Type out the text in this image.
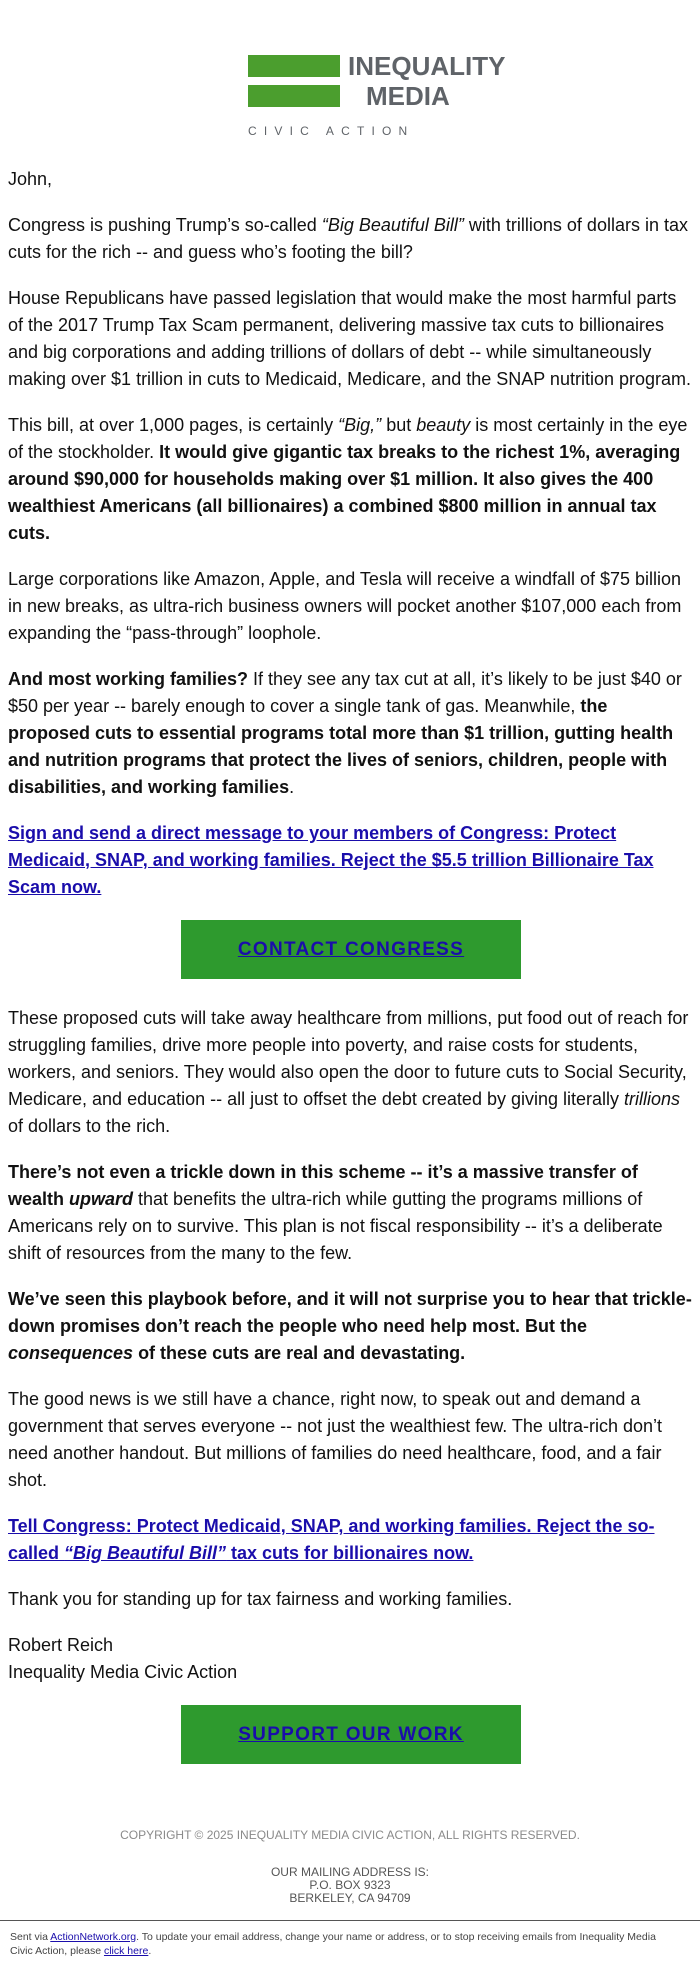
INEQUALITY
MEDIA
CIVIC ACTION

John,

Congress is pushing Trump’s so-called “Big Beautiful Bill” with trillions of dollars in tax cuts for the rich -- and guess who’s footing the bill?

House Republicans have passed legislation that would make the most harmful parts of the 2017 Trump Tax Scam permanent, delivering massive tax cuts to billionaires and big corporations and adding trillions of dollars of debt -- while simultaneously making over $1 trillion in cuts to Medicaid, Medicare, and the SNAP nutrition program.

This bill, at over 1,000 pages, is certainly “Big,” but beauty is most certainly in the eye of the stockholder. It would give gigantic tax breaks to the richest 1%, averaging around $90,000 for households making over $1 million. It also gives the 400 wealthiest Americans (all billionaires) a combined $800 million in annual tax cuts.

Large corporations like Amazon, Apple, and Tesla will receive a windfall of $75 billion in new breaks, as ultra-rich business owners will pocket another $107,000 each from expanding the “pass-through” loophole.

And most working families? If they see any tax cut at all, it’s likely to be just $40 or $50 per year -- barely enough to cover a single tank of gas. Meanwhile, the proposed cuts to essential programs total more than $1 trillion, gutting health and nutrition programs that protect the lives of seniors, children, people with disabilities, and working families.

Sign and send a direct message to your members of Congress: Protect Medicaid, SNAP, and working families. Reject the $5.5 trillion Billionaire Tax Scam now.

CONTACT CONGRESS

These proposed cuts will take away healthcare from millions, put food out of reach for struggling families, drive more people into poverty, and raise costs for students, workers, and seniors. They would also open the door to future cuts to Social Security, Medicare, and education -- all just to offset the debt created by giving literally trillions of dollars to the rich.

There’s not even a trickle down in this scheme -- it’s a massive transfer of wealth upward that benefits the ultra-rich while gutting the programs millions of Americans rely on to survive. This plan is not fiscal responsibility -- it’s a deliberate shift of resources from the many to the few.

We’ve seen this playbook before, and it will not surprise you to hear that trickle-down promises don’t reach the people who need help most. But the consequences of these cuts are real and devastating.

The good news is we still have a chance, right now, to speak out and demand a government that serves everyone -- not just the wealthiest few. The ultra-rich don’t need another handout. But millions of families do need healthcare, food, and a fair shot.

Tell Congress: Protect Medicaid, SNAP, and working families. Reject the so-called “Big Beautiful Bill” tax cuts for billionaires now.

Thank you for standing up for tax fairness and working families.

Robert Reich
Inequality Media Civic Action

SUPPORT OUR WORK
COPYRIGHT © 2025 INEQUALITY MEDIA CIVIC ACTION, ALL RIGHTS RESERVED.
OUR MAILING ADDRESS IS:
P.O. BOX 9323
BERKELEY, CA 94709
Sent via ActionNetwork.org. To update your email address, change your name or address, or to stop receiving emails from Inequality Media Civic Action, please click here.
